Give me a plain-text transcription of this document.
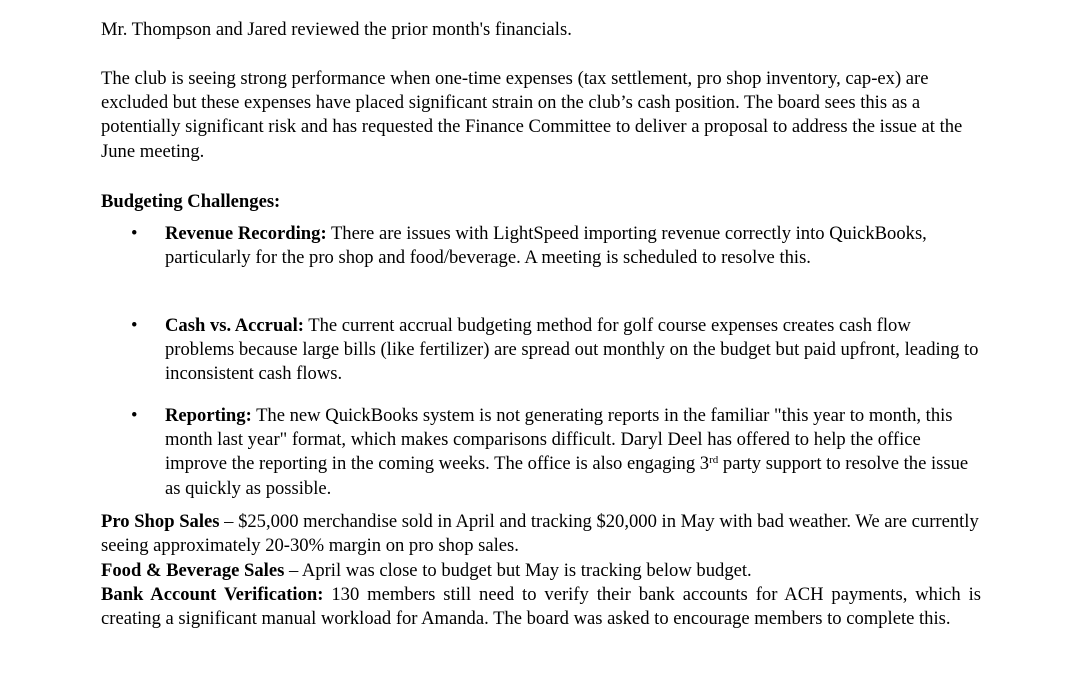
Mr. Thompson and Jared reviewed the prior month's financials.

The club is seeing strong performance when one-time expenses (tax settlement, pro shop inventory, cap-ex) are excluded but these expenses have placed significant strain on the club’s cash position. The board sees this as a potentially significant risk and has requested the Finance Committee to deliver a proposal to address the issue at the June meeting.

Budgeting Challenges:

•	Revenue Recording: There are issues with LightSpeed importing revenue correctly into QuickBooks, particularly for the pro shop and food/beverage. A meeting is scheduled to resolve this.

•	Cash vs. Accrual: The current accrual budgeting method for golf course expenses creates cash flow problems because large bills (like fertilizer) are spread out monthly on the budget but paid upfront, leading to inconsistent cash flows.

•	Reporting: The new QuickBooks system is not generating reports in the familiar "this year to month, this month last year" format, which makes comparisons difficult. Daryl Deel has offered to help the office improve the reporting in the coming weeks. The office is also engaging 3rd party support to resolve the issue as quickly as possible.

Pro Shop Sales – $25,000 merchandise sold in April and tracking $20,000 in May with bad weather. We are currently seeing approximately 20-30% margin on pro shop sales.

Food & Beverage Sales – April was close to budget but May is tracking below budget.

Bank Account Verification: 130 members still need to verify their bank accounts for ACH payments, which is creating a significant manual workload for Amanda. The board was asked to encourage members to complete this.
